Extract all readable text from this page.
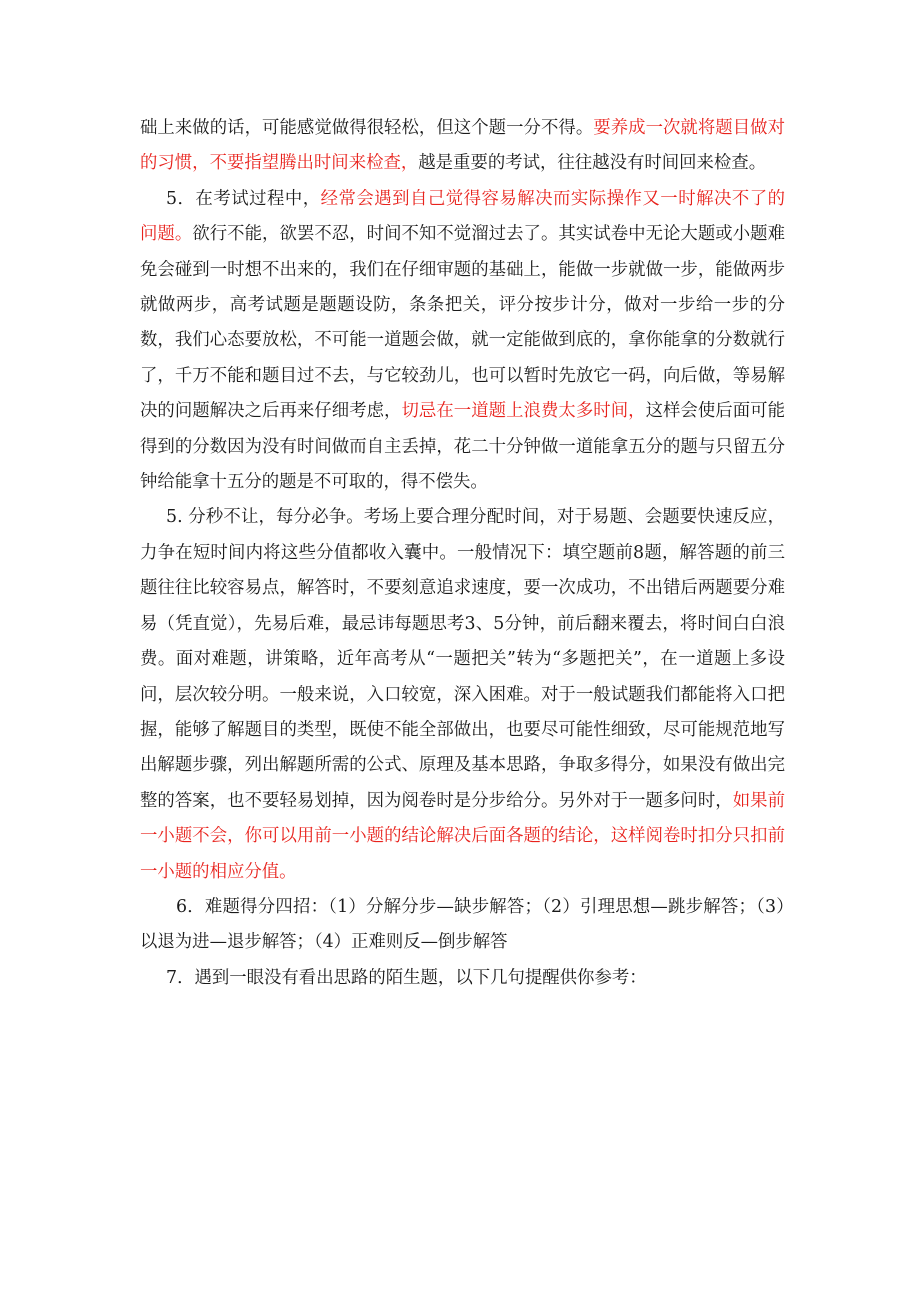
础上来做的话，可能感觉做得很轻松，但这个题一分不得。要养成一次就将题目做对的习惯，不要指望腾出时间来检查，越是重要的考试，往往越没有时间回来检查。

5．在考试过程中，经常会遇到自己觉得容易解决而实际操作又一时解决不了的问题。欲行不能，欲罢不忍，时间不知不觉溜过去了。其实试卷中无论大题或小题难免会碰到一时想不出来的，我们在仔细审题的基础上，能做一步就做一步，能做两步就做两步，高考试题是题题设防，条条把关，评分按步计分，做对一步给一步的分数，我们心态要放松，不可能一道题会做，就一定能做到底的，拿你能拿的分数就行了，千万不能和题目过不去，与它较劲儿，也可以暂时先放它一码，向后做，等易解决的问题解决之后再来仔细考虑，切忌在一道题上浪费太多时间，这样会使后面可能得到的分数因为没有时间做而自主丢掉，花二十分钟做一道能拿五分的题与只留五分钟给能拿十五分的题是不可取的，得不偿失。

5. 分秒不让，每分必争。考场上要合理分配时间，对于易题、会题要快速反应，力争在短时间内将这些分值都收入囊中。一般情况下：填空题前8题，解答题的前三题往往比较容易点，解答时，不要刻意追求速度，要一次成功，不出错后两题要分难易（凭直觉），先易后难，最忌讳每题思考3、5分钟，前后翻来覆去，将时间白白浪费。面对难题，讲策略，近年高考从“一题把关”转为“多题把关”，在一道题上多设问，层次较分明。一般来说，入口较宽，深入困难。对于一般试题我们都能将入口把握，能够了解题目的类型，既使不能全部做出，也要尽可能性细致，尽可能规范地写出解题步骤，列出解题所需的公式、原理及基本思路，争取多得分，如果没有做出完整的答案，也不要轻易划掉，因为阅卷时是分步给分。另外对于一题多问时，如果前一小题不会，你可以用前一小题的结论解决后面各题的结论，这样阅卷时扣分只扣前一小题的相应分值。

6．难题得分四招：（1）分解分步—缺步解答；（2）引理思想—跳步解答；（3）以退为进—退步解答；（4）正难则反—倒步解答

7．遇到一眼没有看出思路的陌生题，以下几句提醒供你参考：
